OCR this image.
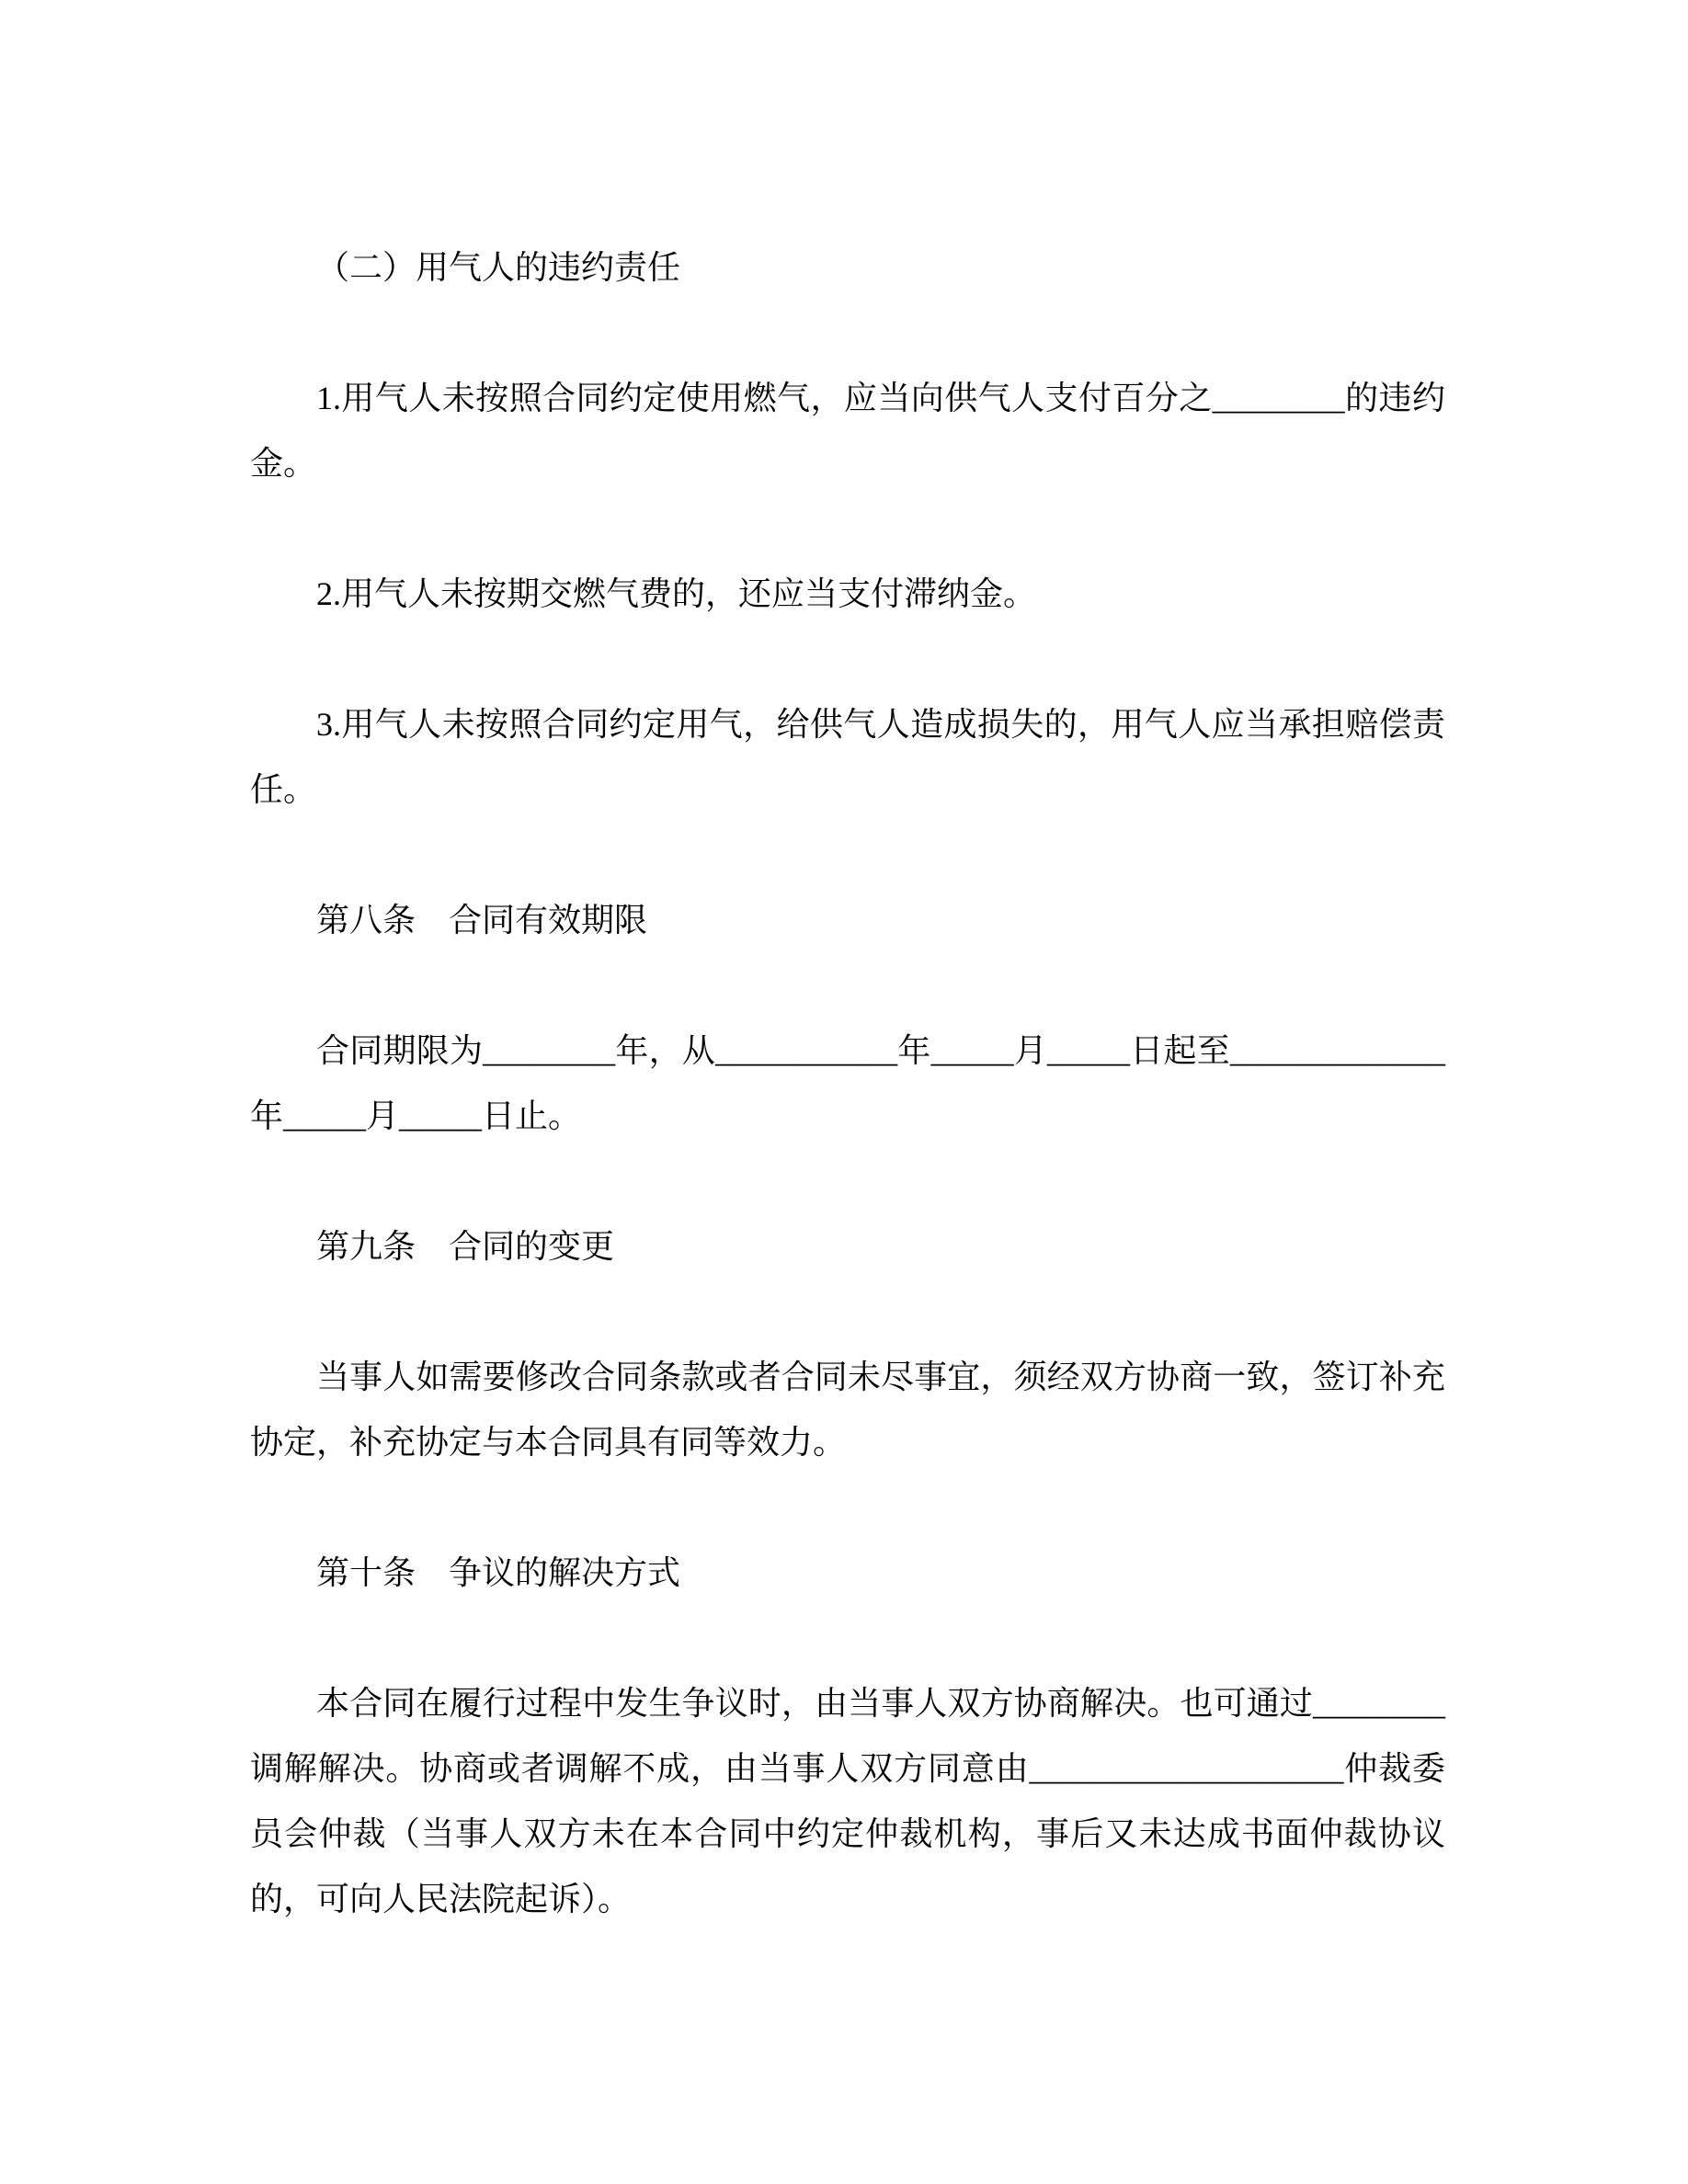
（二）用气人的违约责任

1.用气人未按照合同约定使用燃气，应当向供气人支付百分之________的违约金。

2.用气人未按期交燃气费的，还应当支付滞纳金。

3.用气人未按照合同约定用气，给供气人造成损失的，用气人应当承担赔偿责任。

第八条　合同有效期限

合同期限为________年，从___________年_____月_____日起至_____________年_____月_____日止。

第九条　合同的变更

当事人如需要修改合同条款或者合同未尽事宜，须经双方协商一致，签订补充协定，补充协定与本合同具有同等效力。

第十条　争议的解决方式

本合同在履行过程中发生争议时，由当事人双方协商解决。也可通过________调解解决。协商或者调解不成，由当事人双方同意由___________________仲裁委员会仲裁（当事人双方未在本合同中约定仲裁机构，事后又未达成书面仲裁协议的，可向人民法院起诉）。
